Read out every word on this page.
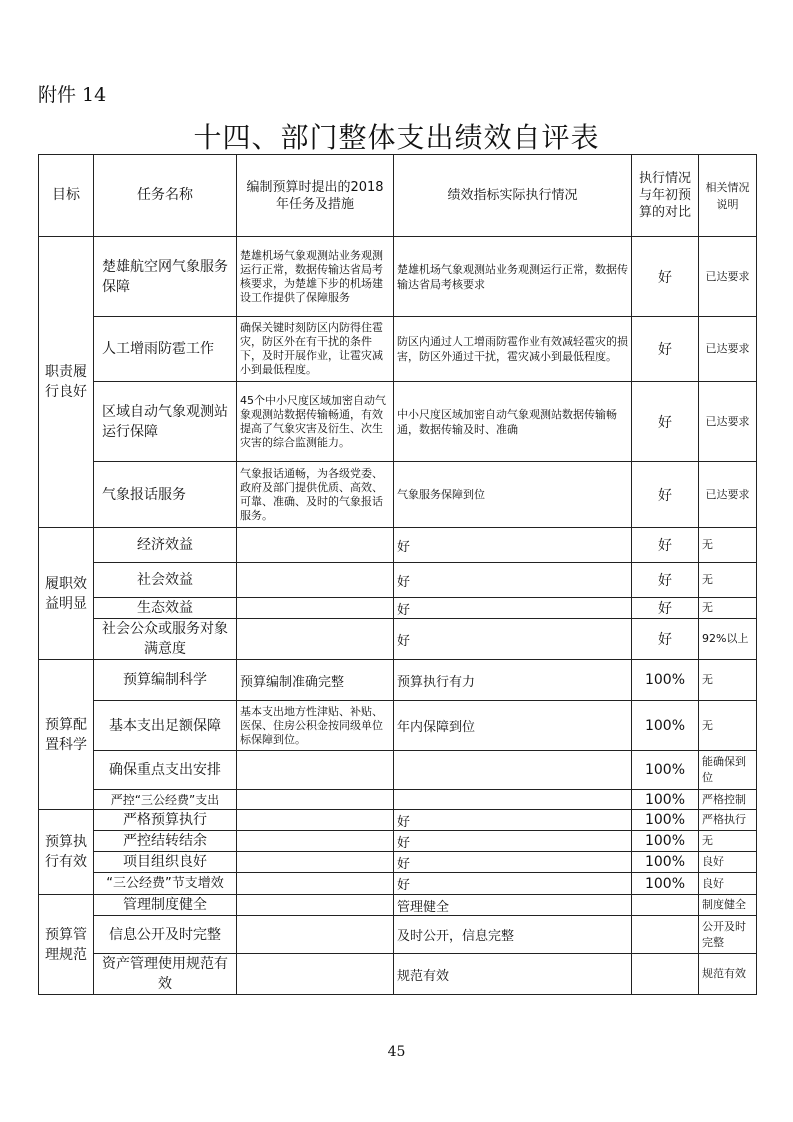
附件 14
十四、部门整体支出绩效自评表
目标	任务名称	编制预算时提出的2018 年任务及措施	绩效指标实际执行情况	执行情况与年初预算的对比	相关情况说明
职责履行良好	楚雄航空网气象服务保障	楚雄机场气象观测站业务观测运行正常，数据传输达省局考核要求，为楚雄下步的机场建设工作提供了保障服务	楚雄机场气象观测站业务观测运行正常，数据传输达省局考核要求	好	已达要求
	人工增雨防雹工作	确保关键时刻防区内防得住雹灾，防区外在有干扰的条件下，及时开展作业，让雹灾减小到最低程度。	防区内通过人工增雨防雹作业有效减轻雹灾的损害，防区外通过干扰，雹灾减小到最低程度。	好	已达要求
	区域自动气象观测站运行保障	45个中小尺度区域加密自动气象观测站数据传输畅通，有效提高了气象灾害及衍生、次生灾害的综合监测能力。	中小尺度区域加密自动气象观测站数据传输畅通，数据传输及时、准确	好	已达要求
	气象报话服务	气象报话通畅，为各级党委、政府及部门提供优质、高效、可靠、准确、及时的气象报话服务。	气象服务保障到位	好	已达要求
履职效益明显	经济效益		好	好	无
	社会效益		好	好	无
	生态效益		好	好	无
	社会公众或服务对象满意度		好	好	92%以上
预算配置科学	预算编制科学	预算编制准确完整	预算执行有力	100%	无
	基本支出足额保障	基本支出地方性津贴、补贴、医保、住房公积金按同级单位标保障到位。	年内保障到位	100%	无
	确保重点支出安排			100%	能确保到位
	严控“三公经费”支出			100%	严格控制
预算执行有效	严格预算执行		好	100%	严格执行
	严控结转结余		好	100%	无
	项目组织良好		好	100%	良好
	“三公经费”节支增效		好	100%	良好
预算管理规范	管理制度健全		管理健全		制度健全
	信息公开及时完整		及时公开，信息完整		公开及时完整
	资产管理使用规范有效		规范有效		规范有效
45
